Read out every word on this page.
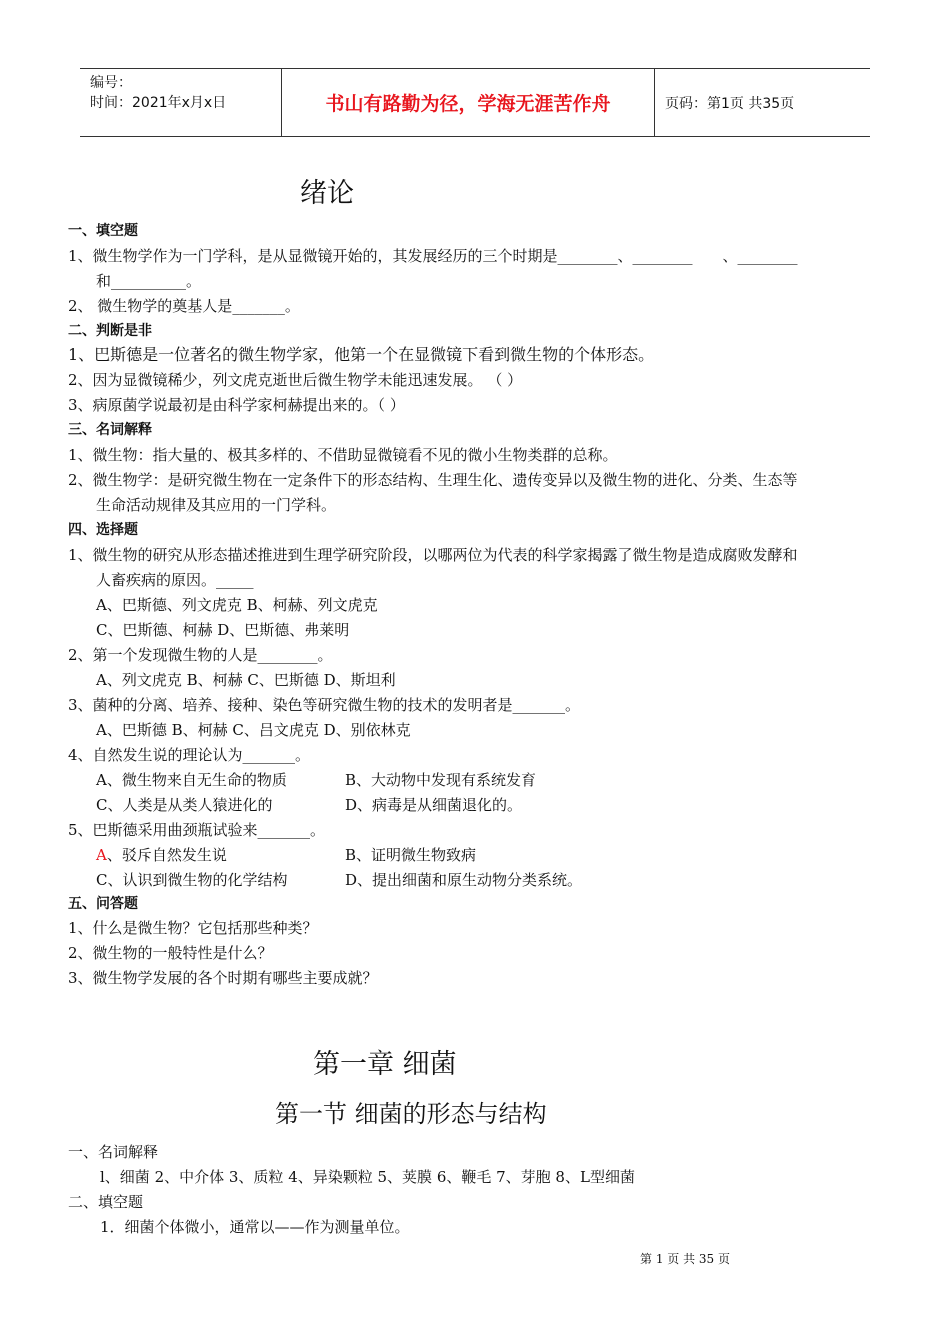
编号：
时间：2021年x月x日	书山有路勤为径，学海无涯苦作舟	页码：第1页 共35页
绪论
一、填空题
1、微生物学作为一门学科，是从显微镜开始的，其发展经历的三个时期是________、________　　、________
和__________。
2、 微生物学的奠基人是_______。
二、判断是非
1、巴斯德是一位著名的微生物学家，他第一个在显微镜下看到微生物的个体形态。
2、因为显微镜稀少，列文虎克逝世后微生物学未能迅速发展。 （ ）
3、病原菌学说最初是由科学家柯赫提出来的。（ ）
三、名词解释
1、微生物：指大量的、极其多样的、不借助显微镜看不见的微小生物类群的总称。
2、微生物学：是研究微生物在一定条件下的形态结构、生理生化、遗传变异以及微生物的进化、分类、生态等
生命活动规律及其应用的一门学科。
四、选择题
1、微生物的研究从形态描述推进到生理学研究阶段，以哪两位为代表的科学家揭露了微生物是造成腐败发酵和
人畜疾病的原因。_____
A、巴斯德、列文虎克 B、柯赫、列文虎克
C、巴斯德、柯赫 D、巴斯德、弗莱明
2、第一个发现微生物的人是________。
A、列文虎克 B、柯赫 C、巴斯德 D、斯坦利
3、菌种的分离、培养、接种、染色等研究微生物的技术的发明者是_______。
A、巴斯德 B、柯赫 C、吕文虎克 D、别依林克
4、自然发生说的理论认为_______。
A、微生物来自无生命的物质	B、大动物中发现有系统发育
C、人类是从类人猿进化的	D、病毒是从细菌退化的。
5、巴斯德采用曲颈瓶试验来_______。
A、驳斥自然发生说	B、证明微生物致病
C、认识到微生物的化学结构	D、提出细菌和原生动物分类系统。
五、问答题
1、什么是微生物？它包括那些种类？
2、微生物的一般特性是什么？
3、微生物学发展的各个时期有哪些主要成就？
第一章 细菌
第一节 细菌的形态与结构
一、名词解释
l、细菌 2、中介体 3、质粒 4、异染颗粒 5、荚膜 6、鞭毛 7、芽胞 8、L型细菌
二、填空题
1．细菌个体微小，通常以——作为测量单位。
第 1 页 共 35 页
